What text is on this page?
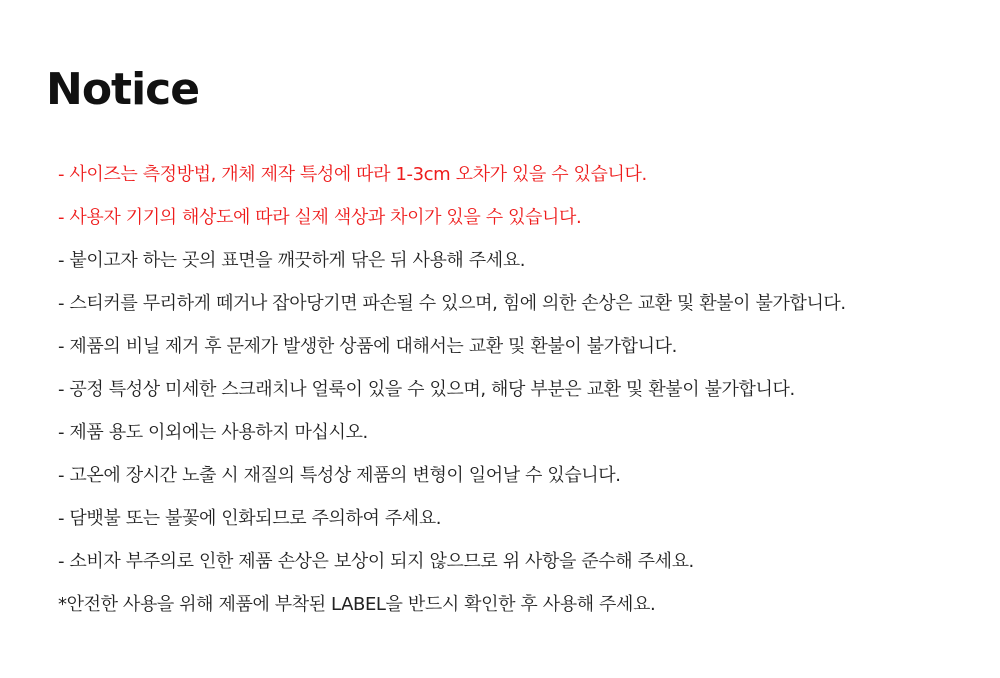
Notice
- 사이즈는 측정방법, 개체 제작 특성에 따라 1-3cm 오차가 있을 수 있습니다.
- 사용자 기기의 해상도에 따라 실제 색상과 차이가 있을 수 있습니다.
- 붙이고자 하는 곳의 표면을 깨끗하게 닦은 뒤 사용해 주세요.
- 스티커를 무리하게 떼거나 잡아당기면 파손될 수 있으며, 힘에 의한 손상은 교환 및 환불이 불가합니다.
- 제품의 비닐 제거 후 문제가 발생한 상품에 대해서는 교환 및 환불이 불가합니다.
- 공정 특성상 미세한 스크래치나 얼룩이 있을 수 있으며, 해당 부분은 교환 및 환불이 불가합니다.
- 제품 용도 이외에는 사용하지 마십시오.
- 고온에 장시간 노출 시 재질의 특성상 제품의 변형이 일어날 수 있습니다.
- 담뱃불 또는 불꽃에 인화되므로 주의하여 주세요.
- 소비자 부주의로 인한 제품 손상은 보상이 되지 않으므로 위 사항을 준수해 주세요.
*안전한 사용을 위해 제품에 부착된 LABEL을 반드시 확인한 후 사용해 주세요.
